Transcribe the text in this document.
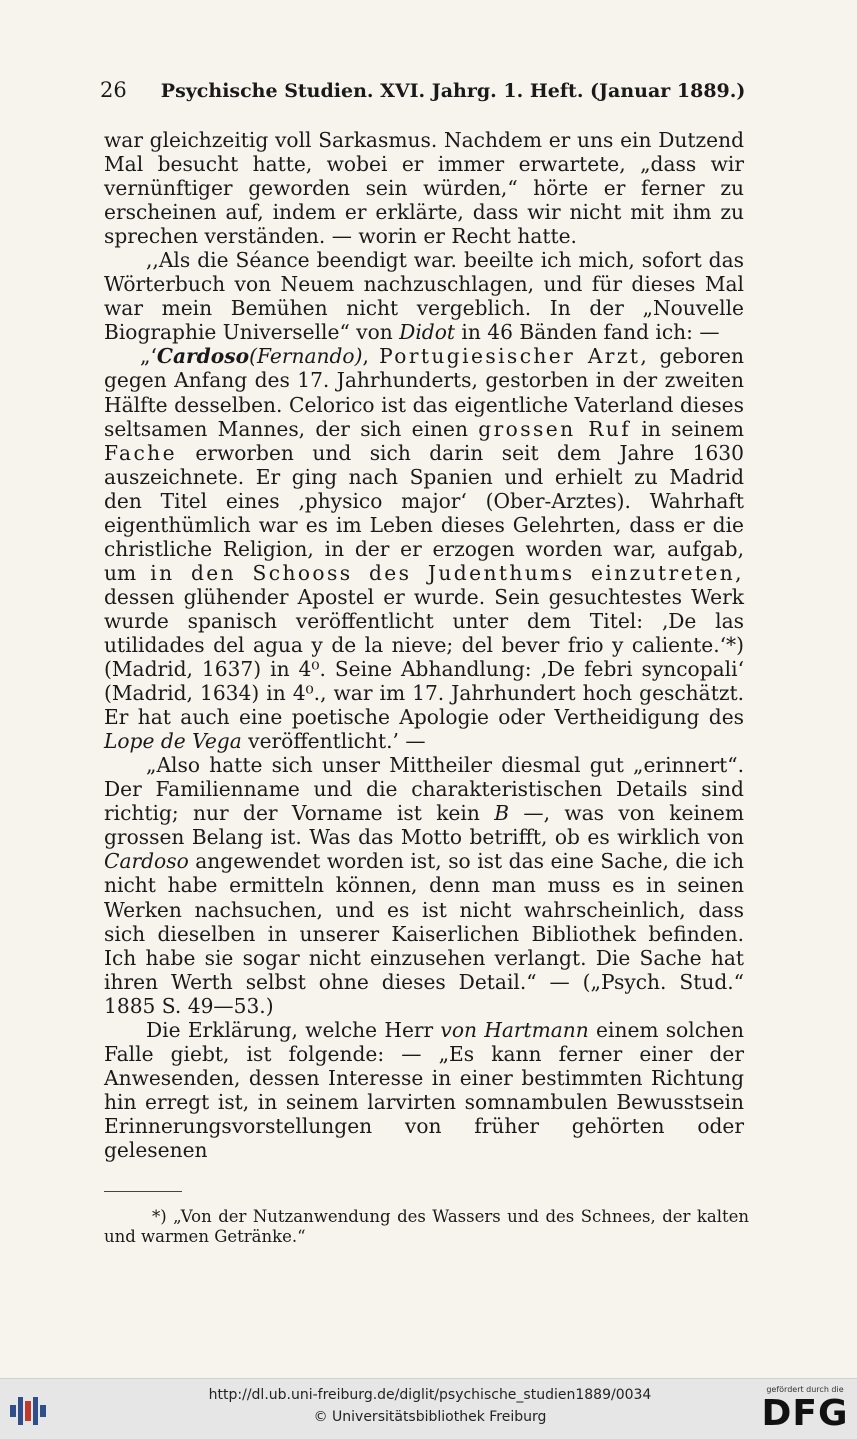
26 Psychische Studien. XVI. Jahrg. 1. Heft. (Januar 1889.)

war gleichzeitig voll Sarkasmus. Nachdem er uns ein Dutzend Mal besucht hatte, wobei er immer erwartete, „dass wir vernünftiger geworden sein würden,“ hörte er ferner zu erscheinen auf, indem er erklärte, dass wir nicht mit ihm zu sprechen verständen. — worin er Recht hatte.

,,Als die Séance beendigt war. beeilte ich mich, sofort das Wörterbuch von Neuem nachzuschlagen, und für dieses Mal war mein Bemühen nicht vergeblich. In der „Nouvelle Biographie Universelle“ von Didot in 46 Bänden fand ich: —

„‘Cardoso(Fernando), Portugiesischer Arzt, geboren gegen Anfang des 17. Jahrhunderts, gestorben in der zweiten Hälfte desselben. Celorico ist das eigentliche Vaterland dieses seltsamen Mannes, der sich einen grossen Ruf in seinem Fache erworben und sich darin seit dem Jahre 1630 auszeichnete. Er ging nach Spanien und erhielt zu Madrid den Titel eines ‚physico major‘ (Ober-Arztes). Wahrhaft eigenthümlich war es im Leben dieses Gelehrten, dass er die christliche Religion, in der er erzogen worden war, aufgab, um in den Schooss des Judenthums einzutreten, dessen glühender Apostel er wurde. Sein gesuchtestes Werk wurde spanisch veröffentlicht unter dem Titel: ‚De las utilidades del agua y de la nieve; del bever frio y caliente.‘*) (Madrid, 1637) in 4⁰. Seine Abhandlung: ‚De febri syncopali‘ (Madrid, 1634) in 4⁰., war im 17. Jahrhundert hoch geschätzt. Er hat auch eine poetische Apologie oder Vertheidigung des Lope de Vega veröffentlicht.’ —

„Also hatte sich unser Mittheiler diesmal gut „erinnert“. Der Familienname und die charakteristischen Details sind richtig; nur der Vorname ist kein B —, was von keinem grossen Belang ist. Was das Motto betrifft, ob es wirklich von Cardoso angewendet worden ist, so ist das eine Sache, die ich nicht habe ermitteln können, denn man muss es in seinen Werken nachsuchen, und es ist nicht wahrscheinlich, dass sich dieselben in unserer Kaiserlichen Bibliothek befinden. Ich habe sie sogar nicht einzusehen verlangt. Die Sache hat ihren Werth selbst ohne dieses Detail.“ — („Psych. Stud.“ 1885 S. 49—53.)

Die Erklärung, welche Herr von Hartmann einem solchen Falle giebt, ist folgende: — „Es kann ferner einer der Anwesenden, dessen Interesse in einer bestimmten Richtung hin erregt ist, in seinem larvirten somnambulen Bewusstsein Erinnerungsvorstellungen von früher gehörten oder gelesenen

*) „Von der Nutzanwendung des Wassers und des Schnees, der kalten und warmen Getränke.“

http://dl.ub.uni-freiburg.de/diglit/psychische_studien1889/0034
© Universitätsbibliothek Freiburg
gefördert durch die
DFG
